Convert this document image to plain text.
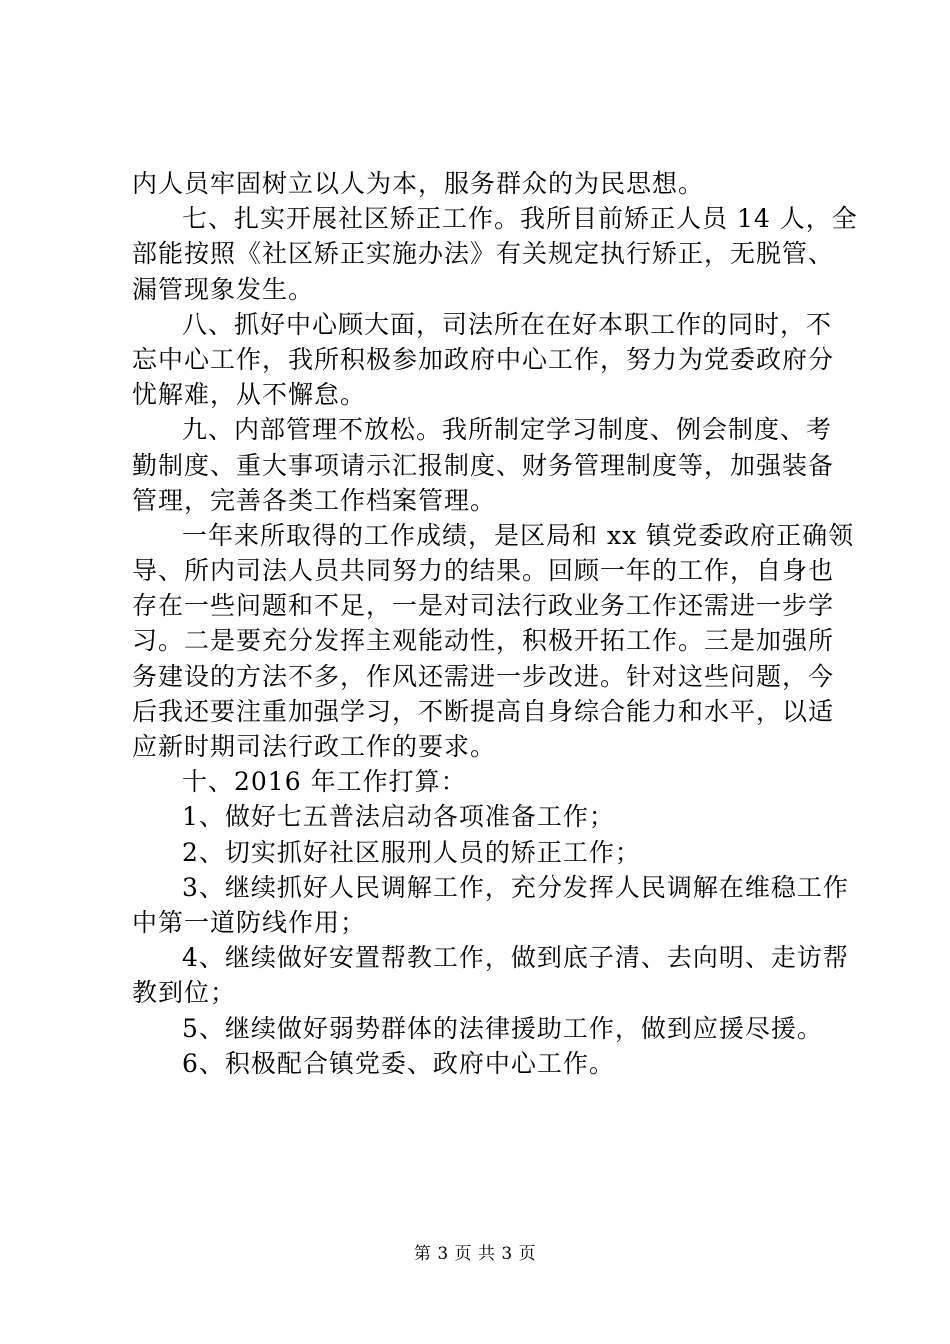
内人员牢固树立以人为本，服务群众的为民思想。
七、扎实开展社区矫正工作。我所目前矫正人员 14 人，全
部能按照《社区矫正实施办法》有关规定执行矫正，无脱管、
漏管现象发生。
八、抓好中心顾大面，司法所在在好本职工作的同时，不
忘中心工作，我所积极参加政府中心工作，努力为党委政府分
忧解难，从不懈怠。
九、内部管理不放松。我所制定学习制度、例会制度、考
勤制度、重大事项请示汇报制度、财务管理制度等，加强装备
管理，完善各类工作档案管理。
一年来所取得的工作成绩，是区局和 xx 镇党委政府正确领
导、所内司法人员共同努力的结果。回顾一年的工作，自身也
存在一些问题和不足，一是对司法行政业务工作还需进一步学
习。二是要充分发挥主观能动性，积极开拓工作。三是加强所
务建设的方法不多，作风还需进一步改进。针对这些问题，今
后我还要注重加强学习，不断提高自身综合能力和水平，以适
应新时期司法行政工作的要求。
十、2016 年工作打算：
1、做好七五普法启动各项准备工作；
2、切实抓好社区服刑人员的矫正工作；
3、继续抓好人民调解工作，充分发挥人民调解在维稳工作
中第一道防线作用；
4、继续做好安置帮教工作，做到底子清、去向明、走访帮
教到位；
5、继续做好弱势群体的法律援助工作，做到应援尽援。
6、积极配合镇党委、政府中心工作。
第 3 页 共 3 页
